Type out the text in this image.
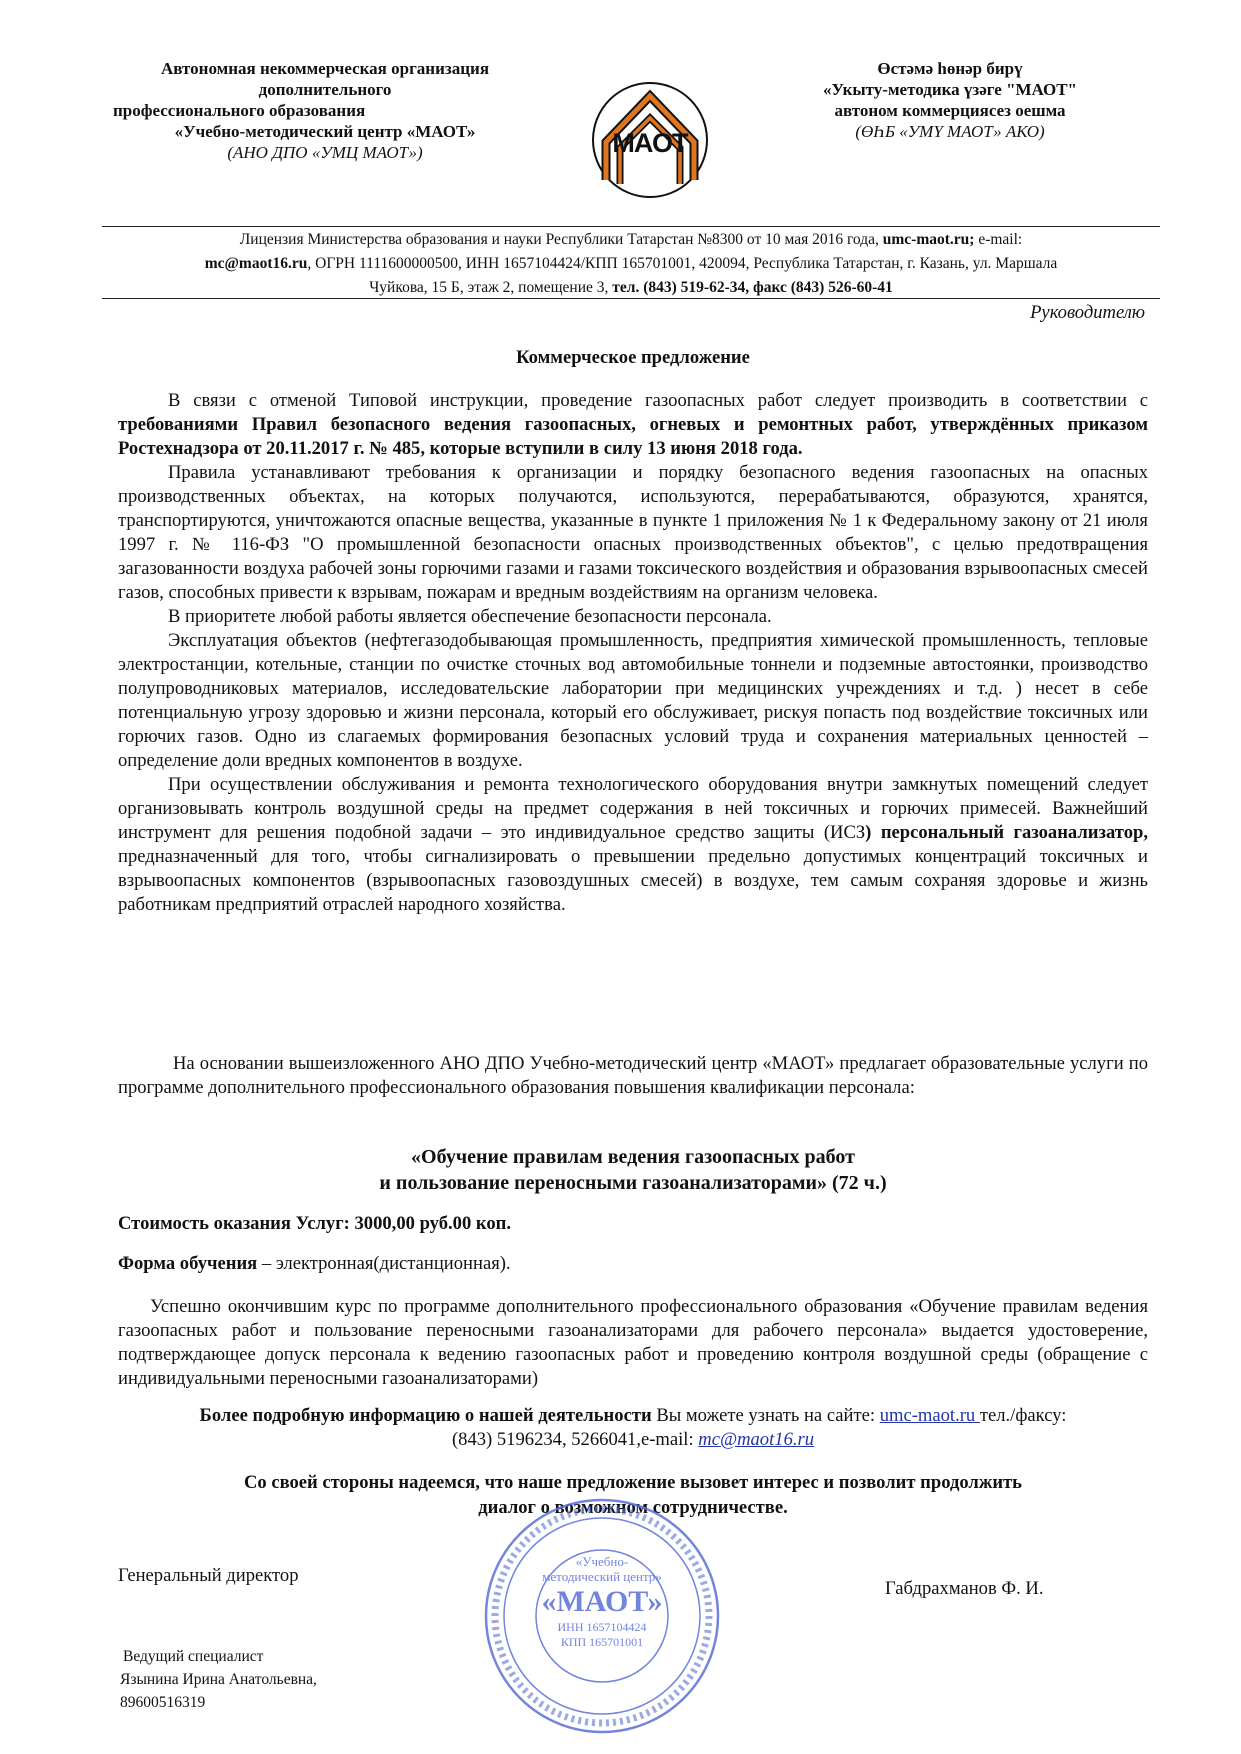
Автономная некоммерческая организация
дополнительного
профессионального образования
«Учебно-методический центр «МАОТ»
(АНО ДПО «УМЦ МАОТ»)	МАОТ
Өстәмә һөнәр бирү
«Укыту-методика үзәге "МАОТ"
автоном коммерциясез оешма
(ӨҺБ «УМҮ МАОТ» АКО)
Лицензия Министерства образования и науки Республики Татарстан №8300 от 10 мая 2016 года, umc-maot.ru; e-mail:
mc@maot16.ru, ОГРН 1111600000500, ИНН 1657104424/КПП 165701001, 420094, Республика Татарстан, г. Казань, ул. Маршала
Чуйкова, 15 Б, этаж 2, помещение 3, тел. (843) 519-62-34, факс (843) 526-60-41
Руководителю
Коммерческое предложение

В связи с отменой Типовой инструкции, проведение газоопасных работ следует производить в соответствии с требованиями Правил безопасного ведения газоопасных, огневых и ремонтных работ, утверждённых приказом Ростехнадзора от 20.11.2017 г. № 485, которые вступили в силу 13 июня 2018 года.

Правила устанавливают требования к организации и порядку безопасного ведения газоопасных на опасных производственных объектах, на которых получаются, используются, перерабатываются, образуются, хранятся, транспортируются, уничтожаются опасные вещества, указанные в пункте 1 приложения № 1 к Федеральному закону от 21 июля 1997 г. № 116-ФЗ "О промышленной безопасности опасных производственных объектов", с целью предотвращения загазованности воздуха рабочей зоны горючими газами и газами токсического воздействия и образования взрывоопасных смесей газов, способных привести к взрывам, пожарам и вредным воздействиям на организм человека.

В приоритете любой работы является обеспечение безопасности персонала.

Эксплуатация объектов (нефтегазодобывающая промышленность, предприятия химической промышленность, тепловые электростанции, котельные, станции по очистке сточных вод автомобильные тоннели и подземные автостоянки, производство полупроводниковых материалов, исследовательские лаборатории при медицинских учреждениях и т.д. ) несет в себе потенциальную угрозу здоровью и жизни персонала, который его обслуживает, рискуя попасть под воздействие токсичных или горючих газов. Одно из слагаемых формирования безопасных условий труда и сохранения материальных ценностей – определение доли вредных компонентов в воздухе.

При осуществлении обслуживания и ремонта технологического оборудования внутри замкнутых помещений следует организовывать контроль воздушной среды на предмет содержания в ней токсичных и горючих примесей. Важнейший инструмент для решения подобной задачи – это индивидуальное средство защиты (ИСЗ) персональный газоанализатор, предназначенный для того, чтобы сигнализировать о превышении предельно допустимых концентраций токсичных и взрывоопасных компонентов (взрывоопасных газовоздушных смесей) в воздухе, тем самым сохраняя здоровье и жизнь работникам предприятий отраслей народного хозяйства.

На основании вышеизложенного АНО ДПО Учебно-методический центр «МАОТ» предлагает образовательные услуги по программе дополнительного профессионального образования повышения квалификации персонала:
«Обучение правилам ведения газоопасных работ
и пользование переносными газоанализаторами» (72 ч.)
Стоимость оказания Услуг: 3000,00 руб.00 коп.
Форма обучения – электронная(дистанционная).
Успешно окончившим курс по программе дополнительного профессионального образования «Обучение правилам ведения газоопасных работ и пользование переносными газоанализаторами для рабочего персонала» выдается удостоверение, подтверждающее допуск персонала к ведению газоопасных работ и проведению контроля воздушной среды (обращение с индивидуальными переносными газоанализаторами)
Более подробную информацию о нашей деятельности Вы можете узнать на сайте: umc-maot.ru тел./факсу:
(843) 5196234, 5266041,e-mail: mc@maot16.ru
Со своей стороны надеемся, что наше предложение вызовет интерес и позволит продолжить
диалог о возможном сотрудничестве.
«Учебно-
методический центр»
«МАОТ»
ИНН 1657104424
КПП 165701001
Генеральный директор
Габдрахманов Ф. И.
Ведущий специалист
Язынина Ирина Анатольевна,
89600516319
